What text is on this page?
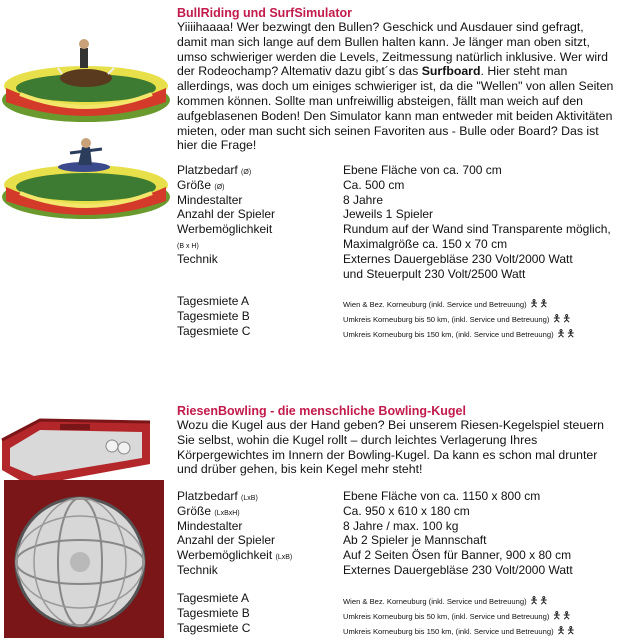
BullRiding und SurfSimulator

Yiiiihaaaa! Wer bezwingt den Bullen? Geschick und Ausdauer sind gefragt, damit man sich lange auf dem Bullen halten kann. Je länger man oben sitzt, umso schwieriger werden die Levels, Zeitmessung natürlich inklusive. Wer wird der Rodeochamp? Altemativ dazu gibt´s das Surfboard. Hier steht man allerdings, was doch um einiges schwieriger ist, da die "Wellen" von allen Seiten kommen können. Sollte man unfreiwillig absteigen, fällt man weich auf den aufgeblasenen Boden! Den Simulator kann man entweder mit beiden Aktivitäten mieten, oder man sucht sich seinen Favoriten aus - Bulle oder Board? Das ist hier die Frage!

Platzbedarf (Ø)	Ebene Fläche von ca. 700 cm
Größe (Ø)	Ca. 500 cm
Mindestalter	8 Jahre
Anzahl der Spieler	Jeweils 1 Spieler
Werbemöglichkeit	Rundum auf der Wand sind Transparente möglich,
(B x H)	Maximalgröße ca. 150 x 70 cm
Technik	Externes Dauergebläse 230 Volt/2000 Watt
und Steuerpult 230 Volt/2500 Watt
Tagesmiete A	Wien & Bez. Korneuburg (inkl. Service und Betreuung) 🯅🯅
Tagesmiete B	Umkreis Korneuburg bis 50 km, (inkl. Service und Betreuung) 🯅🯅
Tagesmiete C	Umkreis Korneuburg bis 150 km, (inkl. Service und Betreuung) 🯅🯅
RiesenBowling - die menschliche Bowling-Kugel

Wozu die Kugel aus der Hand geben? Bei unserem Riesen-Kegelspiel steuern Sie selbst, wohin die Kugel rollt – durch leichtes Verlagerung Ihres Körpergewichtes im Innern der Bowling-Kugel. Da kann es schon mal drunter und drüber gehen, bis kein Kegel mehr steht!

Platzbedarf (LxB)	Ebene Fläche von ca. 1150 x 800 cm
Größe (LxBxH)	Ca. 950 x 610 x 180 cm
Mindestalter	8 Jahre / max. 100 kg
Anzahl der Spieler	Ab 2 Spieler je Mannschaft
Werbemöglichkeit (LxB)	Auf 2 Seiten Ösen für Banner, 900 x 80 cm
Technik	Externes Dauergebläse 230 Volt/2000 Watt
Tagesmiete A	Wien & Bez. Korneuburg (inkl. Service und Betreuung) 🯅🯅
Tagesmiete B	Umkreis Korneuburg bis 50 km, (inkl. Service und Betreuung) 🯅🯅
Tagesmiete C	Umkreis Korneuburg bis 150 km, (inkl. Service und Betreuung) 🯅🯅
